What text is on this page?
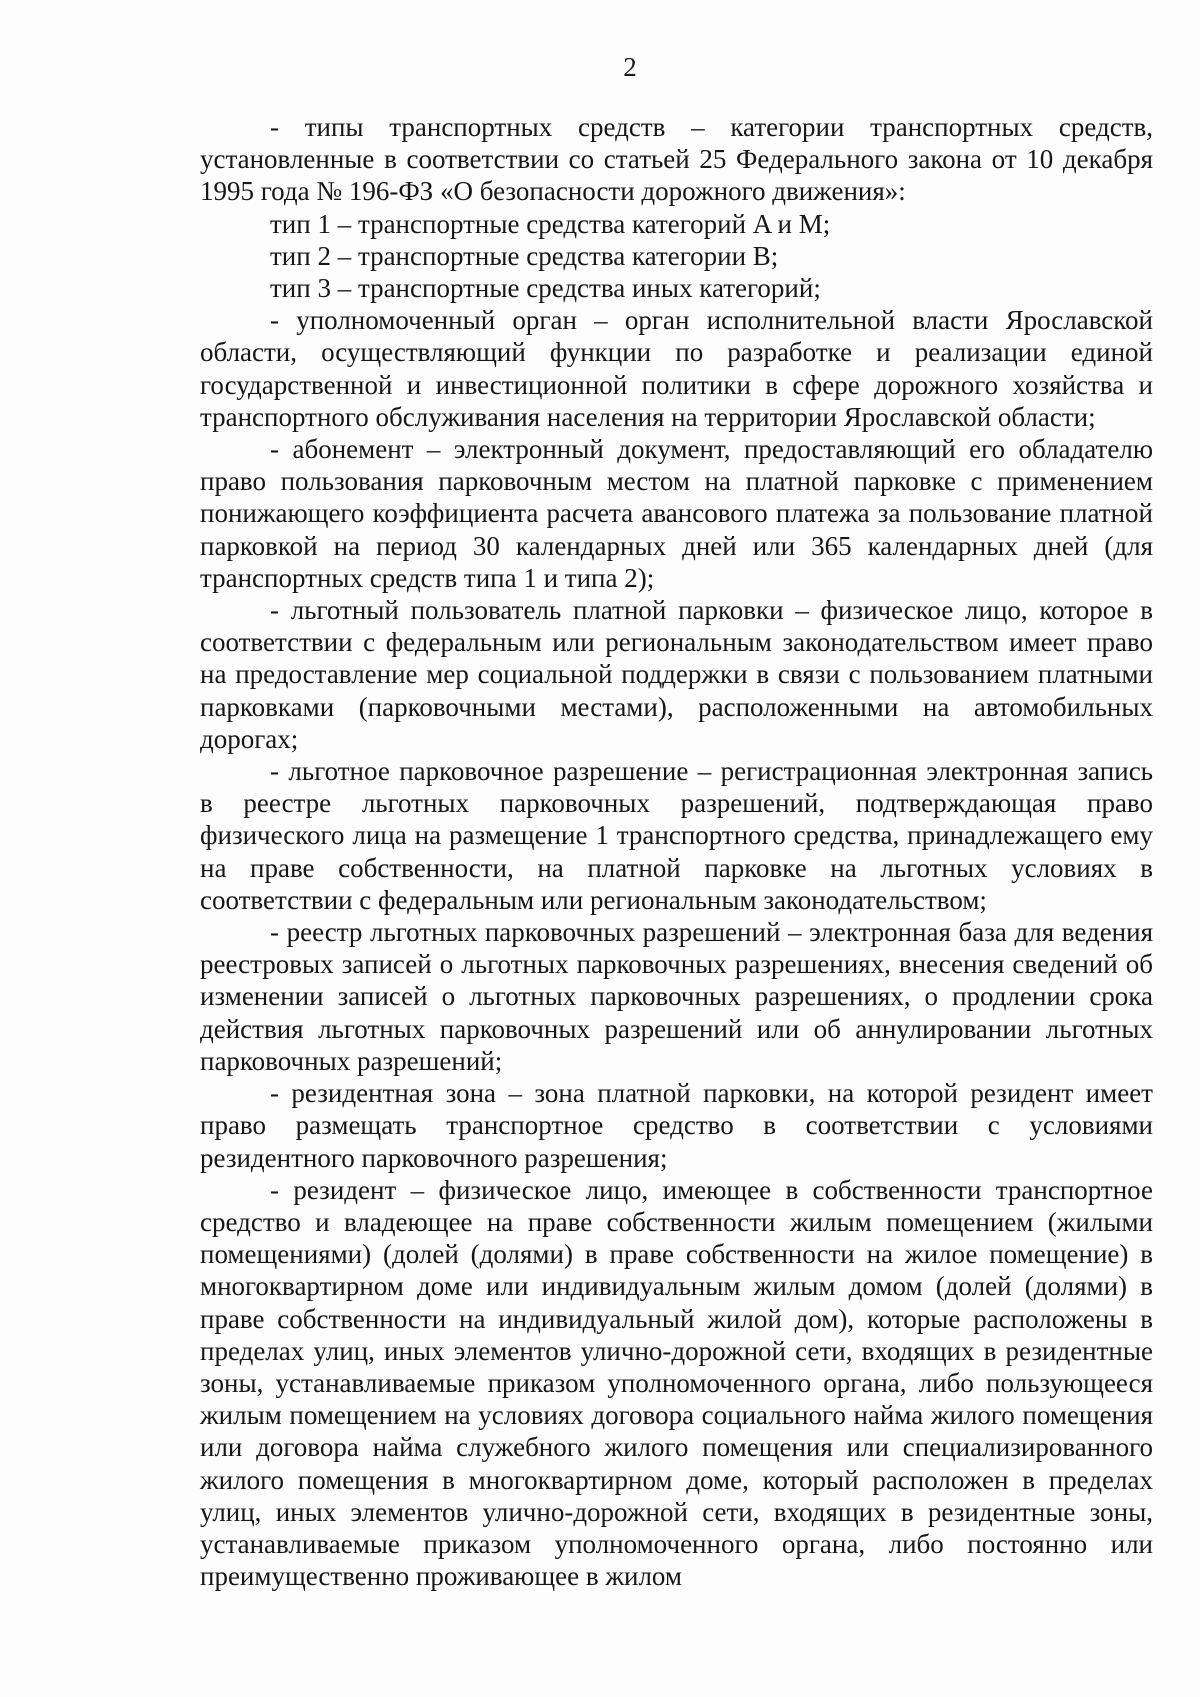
2

- типы транспортных средств – категории транспортных средств, установленные в соответствии со статьей 25 Федерального закона от 10 декабря 1995 года № 196-ФЗ «О безопасности дорожного движения»:

тип 1 – транспортные средства категорий A и M;

тип 2 – транспортные средства категории B;

тип 3 – транспортные средства иных категорий;

- уполномоченный орган – орган исполнительной власти Ярославской области, осуществляющий функции по разработке и реализации единой государственной и инвестиционной политики в сфере дорожного хозяйства и транспортного обслуживания населения на территории Ярославской области;

- абонемент – электронный документ, предоставляющий его обладателю право пользования парковочным местом на платной парковке с применением понижающего коэффициента расчета авансового платежа за пользование платной парковкой на период 30 календарных дней или 365 календарных дней (для транспортных средств типа 1 и типа 2);

- льготный пользователь платной парковки – физическое лицо, которое в соответствии с федеральным или региональным законодательством имеет право на предоставление мер социальной поддержки в связи с пользованием платными парковками (парковочными местами), расположенными на автомобильных дорогах;

- льготное парковочное разрешение – регистрационная электронная запись в реестре льготных парковочных разрешений, подтверждающая право физического лица на размещение 1 транспортного средства, принадлежащего ему на праве собственности, на платной парковке на льготных условиях в соответствии с федеральным или региональным законодательством;

- реестр льготных парковочных разрешений – электронная база для ведения реестровых записей о льготных парковочных разрешениях, внесения сведений об изменении записей о льготных парковочных разрешениях, о продлении срока действия льготных парковочных разрешений или об аннулировании льготных парковочных разрешений;

- резидентная зона – зона платной парковки, на которой резидент имеет право размещать транспортное средство в соответствии с условиями резидентного парковочного разрешения;

- резидент – физическое лицо, имеющее в собственности транспортное средство и владеющее на праве собственности жилым помещением (жилыми помещениями) (долей (долями) в праве собственности на жилое помещение) в многоквартирном доме или индивидуальным жилым домом (долей (долями) в праве собственности на индивидуальный жилой дом), которые расположены в пределах улиц, иных элементов улично-дорожной сети, входящих в резидентные зоны, устанавливаемые приказом уполномоченного органа, либо пользующееся жилым помещением на условиях договора социального найма жилого помещения или договора найма служебного жилого помещения или специализированного жилого помещения в многоквартирном доме, который расположен в пределах улиц, иных элементов улично-дорожной сети, входящих в резидентные зоны, устанавливаемые приказом уполномоченного органа, либо постоянно или преимущественно проживающее в жилом
